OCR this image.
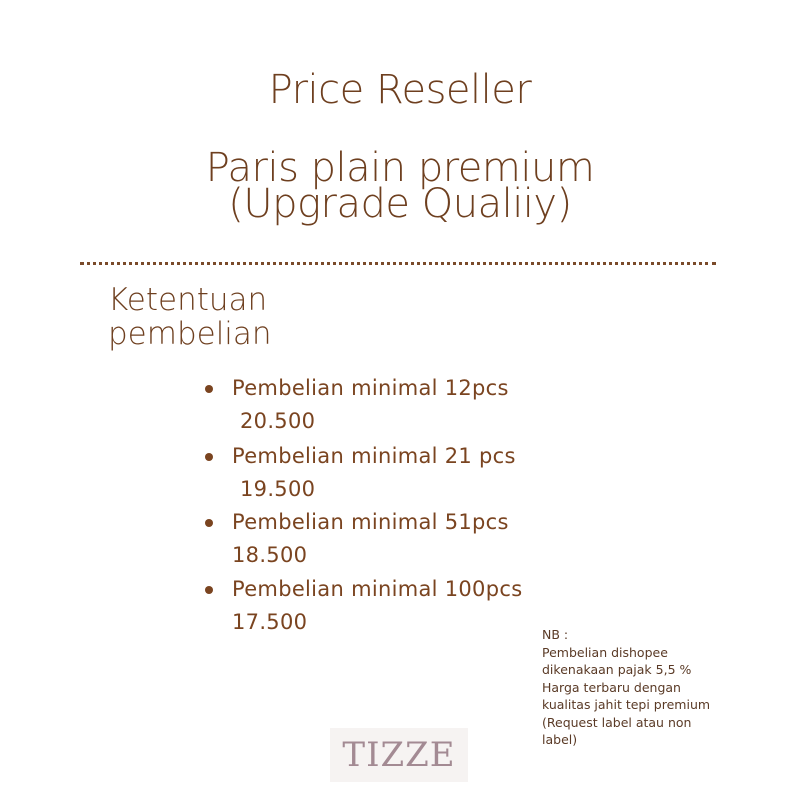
Price Reseller
Paris plain premium
(Upgrade Qualiiy)
Ketentuan
pembelian
Pembelian minimal 12pcs
20.500
Pembelian minimal 21 pcs
19.500
Pembelian minimal 51pcs
18.500
Pembelian minimal 100pcs
17.500
NB :
Pembelian dishopee
dikenakaan pajak 5,5 %
Harga terbaru dengan
kualitas jahit tepi premium
(Request label atau non
label)
TIZZE
